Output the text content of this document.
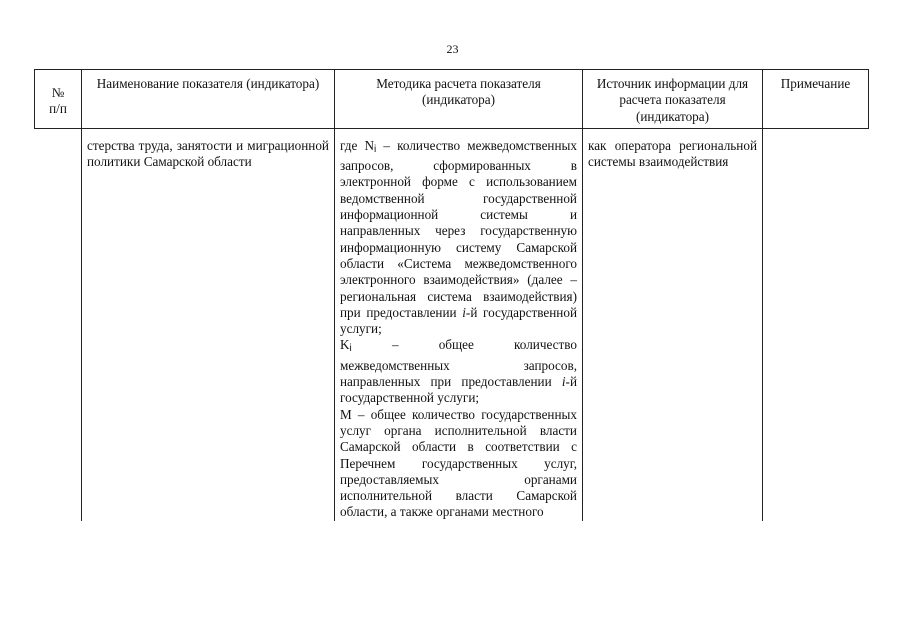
23
№
п/п	Наименование показателя (индикатора)	Методика расчета показателя (индикатора)	Источник информации для расчета показателя (индикатора)	Примечание

	стерства труда, занятости и миграционной политики Самарской области	где $N_i$ – количество межведомственных запросов, сформированных в электронной форме с использованием ведомственной государственной информационной системы и направленных через государственную информационную систему Самарской области «Система межведомственного электронного взаимодействия» (далее – региональная система взаимодействия) при предоставлении i-й государственной услуги;
$K_i$ – общее количество межведомственных запросов, направленных при предоставлении i-й государственной услуги;
М – общее количество государственных услуг органа исполнительной власти Самарской области в соответствии с Перечнем государственных услуг, предоставляемых органами исполнительной власти Самарской области, а также органами местного	как оператора региональной системы взаимодействия	
